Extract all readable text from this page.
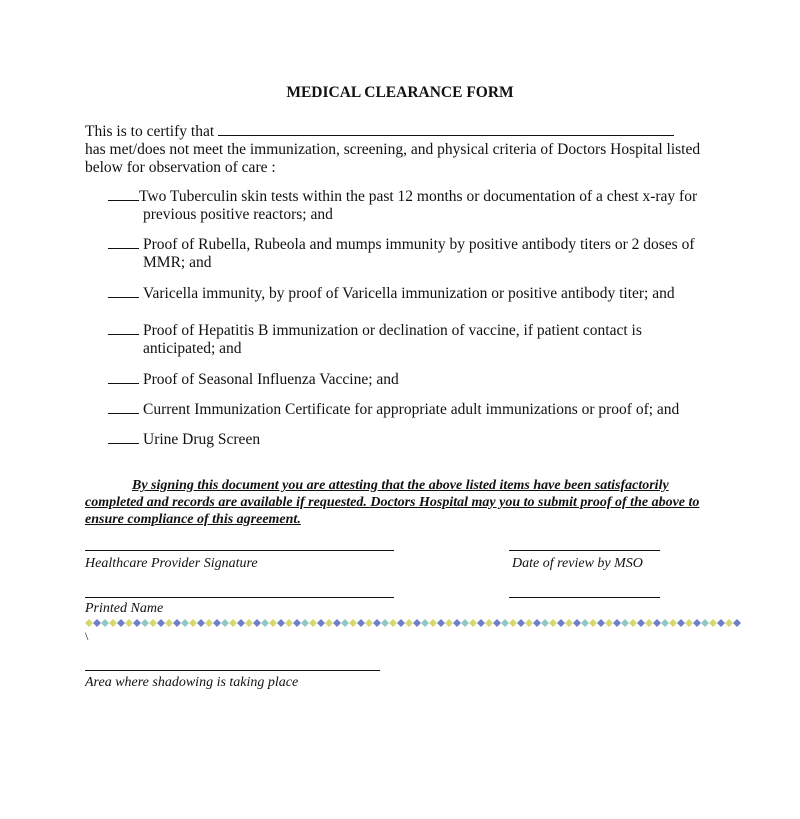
MEDICAL CLEARANCE FORM
This is to certify that
has met/does not meet the immunization, screening, and physical criteria of Doctors Hospital listed below for observation of care :
Two Tuberculin skin tests within the past 12 months or documentation of a chest x-ray for
previous positive reactors; and
Proof of Rubella, Rubeola and mumps immunity by positive antibody titers or 2 doses of
MMR; and
Varicella immunity, by proof of Varicella immunization or positive antibody titer; and
Proof of Hepatitis B immunization or declination of vaccine, if patient contact is
anticipated; and
Proof of Seasonal Influenza Vaccine; and
Current Immunization Certificate for appropriate adult immunizations or proof of; and
Urine Drug Screen
By signing this document you are attesting that the above listed items have been satisfactorily
completed and records are available if requested. Doctors Hospital may you to submit proof of the above to ensure compliance of this agreement.
Healthcare Provider Signature	Date of review by MSO
Printed Name
\
Area where shadowing is taking place
